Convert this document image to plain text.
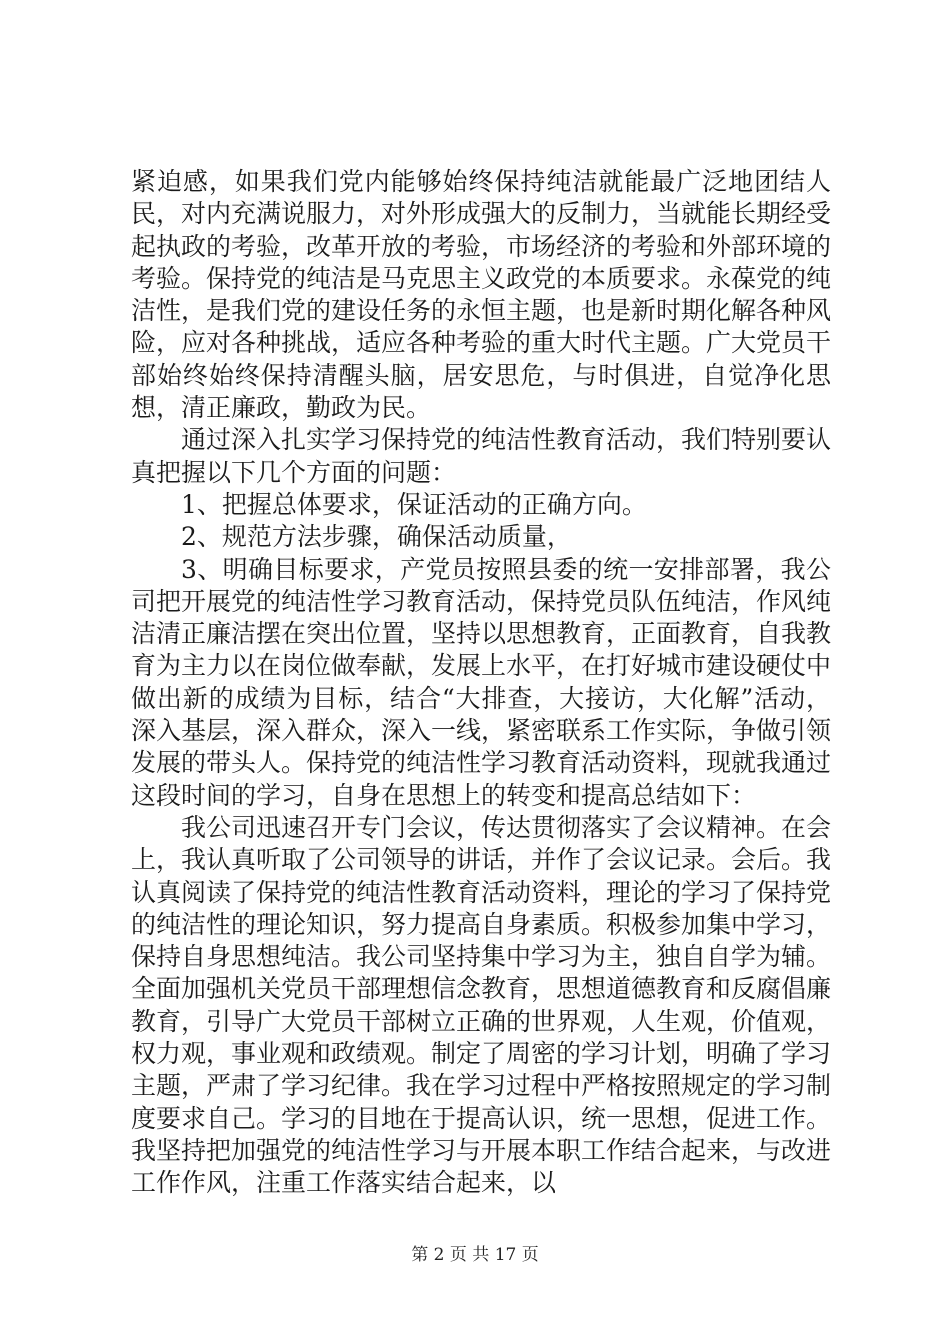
紧迫感，如果我们党内能够始终保持纯洁就能最广泛地团结人民，对内充满说服力，对外形成强大的反制力，当就能长期经受起执政的考验，改革开放的考验，市场经济的考验和外部环境的考验。保持党的纯洁是马克思主义政党的本质要求。永葆党的纯洁性，是我们党的建设任务的永恒主题，也是新时期化解各种风险，应对各种挑战，适应各种考验的重大时代主题。广大党员干部始终始终保持清醒头脑，居安思危，与时俱进，自觉净化思想，清正廉政，勤政为民。

通过深入扎实学习保持党的纯洁性教育活动，我们特别要认真把握以下几个方面的问题：

1、把握总体要求，保证活动的正确方向。

2、规范方法步骤，确保活动质量，

3、明确目标要求，产党员按照县委的统一安排部署，我公司把开展党的纯洁性学习教育活动，保持党员队伍纯洁，作风纯洁清正廉洁摆在突出位置，坚持以思想教育，正面教育，自我教育为主力以在岗位做奉献，发展上水平，在打好城市建设硬仗中做出新的成绩为目标，结合“大排查，大接访，大化解”活动，深入基层，深入群众，深入一线，紧密联系工作实际，争做引领发展的带头人。保持党的纯洁性学习教育活动资料，现就我通过这段时间的学习，自身在思想上的转变和提高总结如下：

我公司迅速召开专门会议，传达贯彻落实了会议精神。在会上，我认真听取了公司领导的讲话，并作了会议记录。会后。我认真阅读了保持党的纯洁性教育活动资料，理论的学习了保持党的纯洁性的理论知识，努力提高自身素质。积极参加集中学习，保持自身思想纯洁。我公司坚持集中学习为主，独自自学为辅。全面加强机关党员干部理想信念教育，思想道德教育和反腐倡廉教育，引导广大党员干部树立正确的世界观，人生观，价值观，权力观，事业观和政绩观。制定了周密的学习计划，明确了学习主题，严肃了学习纪律。我在学习过程中严格按照规定的学习制度要求自己。学习的目地在于提高认识，统一思想，促进工作。我坚持把加强党的纯洁性学习与开展本职工作结合起来，与改进工作作风，注重工作落实结合起来，以

第 2 页 共 17 页
